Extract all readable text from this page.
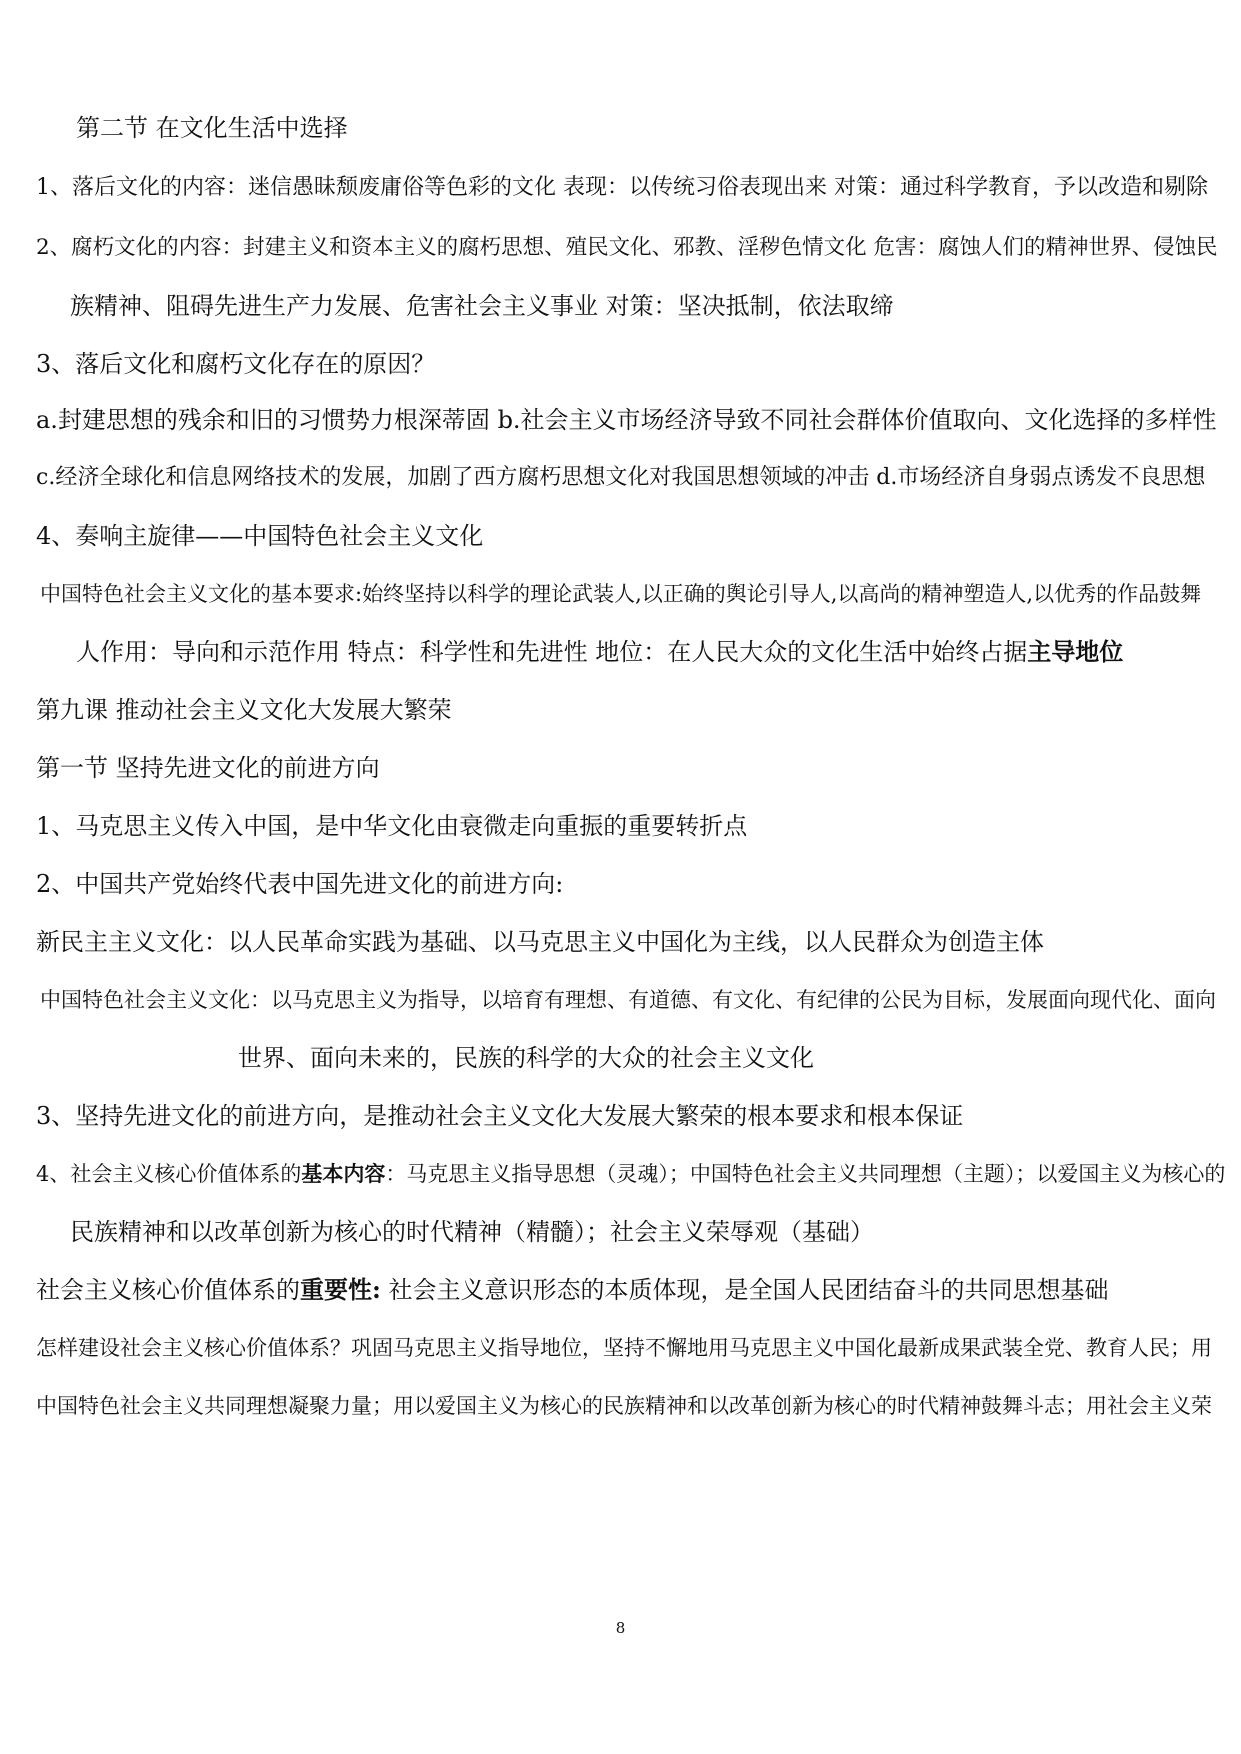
第二节 在文化生活中选择
1、落后文化的内容：迷信愚昧颓废庸俗等色彩的文化 表现：以传统习俗表现出来 对策：通过科学教育，予以改造和剔除
2、腐朽文化的内容：封建主义和资本主义的腐朽思想、殖民文化、邪教、淫秽色情文化 危害：腐蚀人们的精神世界、侵蚀民
族精神、阻碍先进生产力发展、危害社会主义事业 对策：坚决抵制，依法取缔
3、落后文化和腐朽文化存在的原因？
a.封建思想的残余和旧的习惯势力根深蒂固 b.社会主义市场经济导致不同社会群体价值取向、文化选择的多样性
c.经济全球化和信息网络技术的发展，加剧了西方腐朽思想文化对我国思想领域的冲击 d.市场经济自身弱点诱发不良思想
4、奏响主旋律——中国特色社会主义文化
中国特色社会主义文化的基本要求:始终坚持以科学的理论武装人,以正确的舆论引导人,以高尚的精神塑造人,以优秀的作品鼓舞
人作用：导向和示范作用 特点：科学性和先进性 地位：在人民大众的文化生活中始终占据主导地位
第九课 推动社会主义文化大发展大繁荣
第一节 坚持先进文化的前进方向
1、马克思主义传入中国，是中华文化由衰微走向重振的重要转折点
2、中国共产党始终代表中国先进文化的前进方向:
新民主主义文化：以人民革命实践为基础、以马克思主义中国化为主线，以人民群众为创造主体
中国特色社会主义文化：以马克思主义为指导，以培育有理想、有道德、有文化、有纪律的公民为目标，发展面向现代化、面向
世界、面向未来的，民族的科学的大众的社会主义文化
3、坚持先进文化的前进方向，是推动社会主义文化大发展大繁荣的根本要求和根本保证
4、社会主义核心价值体系的基本内容：马克思主义指导思想（灵魂）；中国特色社会主义共同理想（主题）；以爱国主义为核心的
民族精神和以改革创新为核心的时代精神（精髓）；社会主义荣辱观（基础）
社会主义核心价值体系的重要性: 社会主义意识形态的本质体现，是全国人民团结奋斗的共同思想基础
怎样建设社会主义核心价值体系？巩固马克思主义指导地位，坚持不懈地用马克思主义中国化最新成果武装全党、教育人民；用
中国特色社会主义共同理想凝聚力量；用以爱国主义为核心的民族精神和以改革创新为核心的时代精神鼓舞斗志；用社会主义荣
8
